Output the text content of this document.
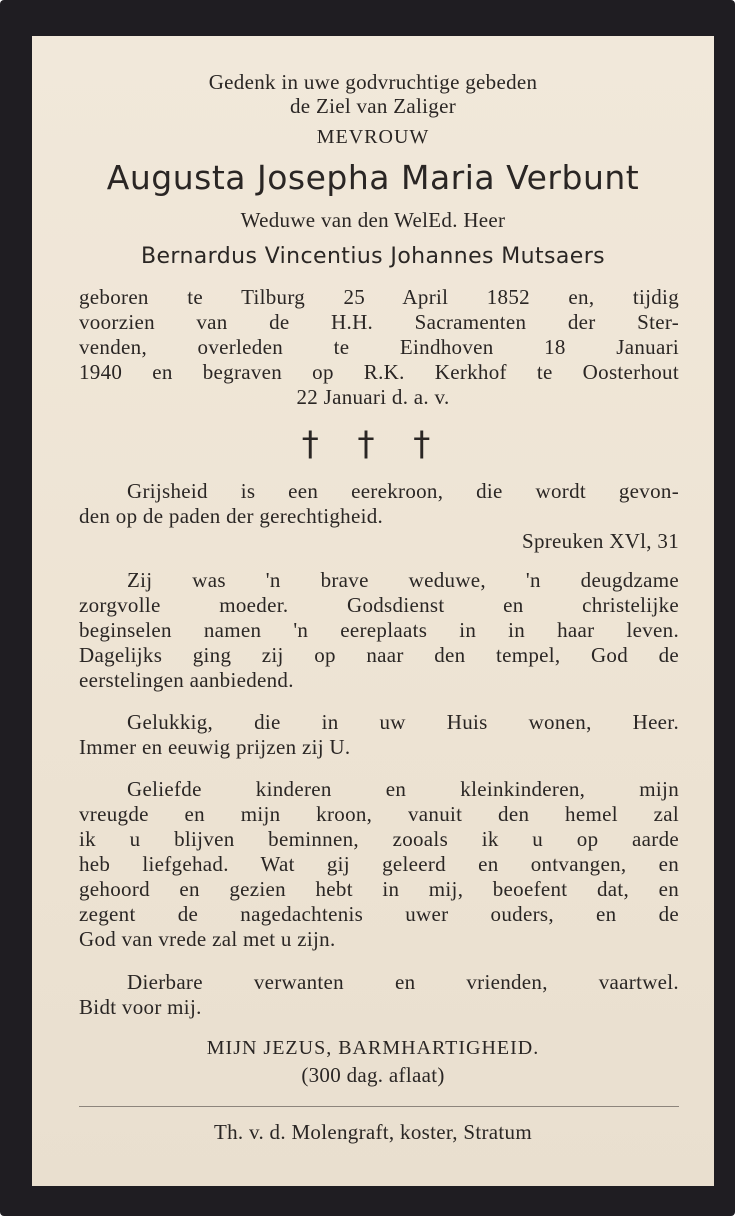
Gedenk in uwe godvruchtige gebeden
de Ziel van Zaliger
MEVROUW
Augusta Josepha Maria Verbunt
Weduwe van den WelEd. Heer
Bernardus Vincentius Johannes Mutsaers
geboren te Tilburg 25 April 1852 en, tijdig
voorzien van de H.H. Sacramenten der Ster-
venden, overleden te Eindhoven 18 Januari
1940 en begraven op R.K. Kerkhof te Oosterhout
22 Januari d. a. v.
† † †
Grijsheid is een eerekroon, die wordt gevon-
den op de paden der gerechtigheid.
Spreuken XVl, 31
Zij was 'n brave weduwe, 'n deugdzame
zorgvolle moeder. Godsdienst en christelijke
beginselen namen 'n eereplaats in in haar leven.
Dagelijks ging zij op naar den tempel, God de
eerstelingen aanbiedend.
Gelukkig, die in uw Huis wonen, Heer.
Immer en eeuwig prijzen zij U.
Geliefde kinderen en kleinkinderen, mijn
vreugde en mijn kroon, vanuit den hemel zal
ik u blijven beminnen, zooals ik u op aarde
heb liefgehad. Wat gij geleerd en ontvangen, en
gehoord en gezien hebt in mij, beoefent dat, en
zegent de nagedachtenis uwer ouders, en de
God van vrede zal met u zijn.
Dierbare verwanten en vrienden, vaartwel.
Bidt voor mij.
MIJN JEZUS, BARMHARTIGHEID.
(300 dag. aflaat)
Th. v. d. Molengraft, koster, Stratum
